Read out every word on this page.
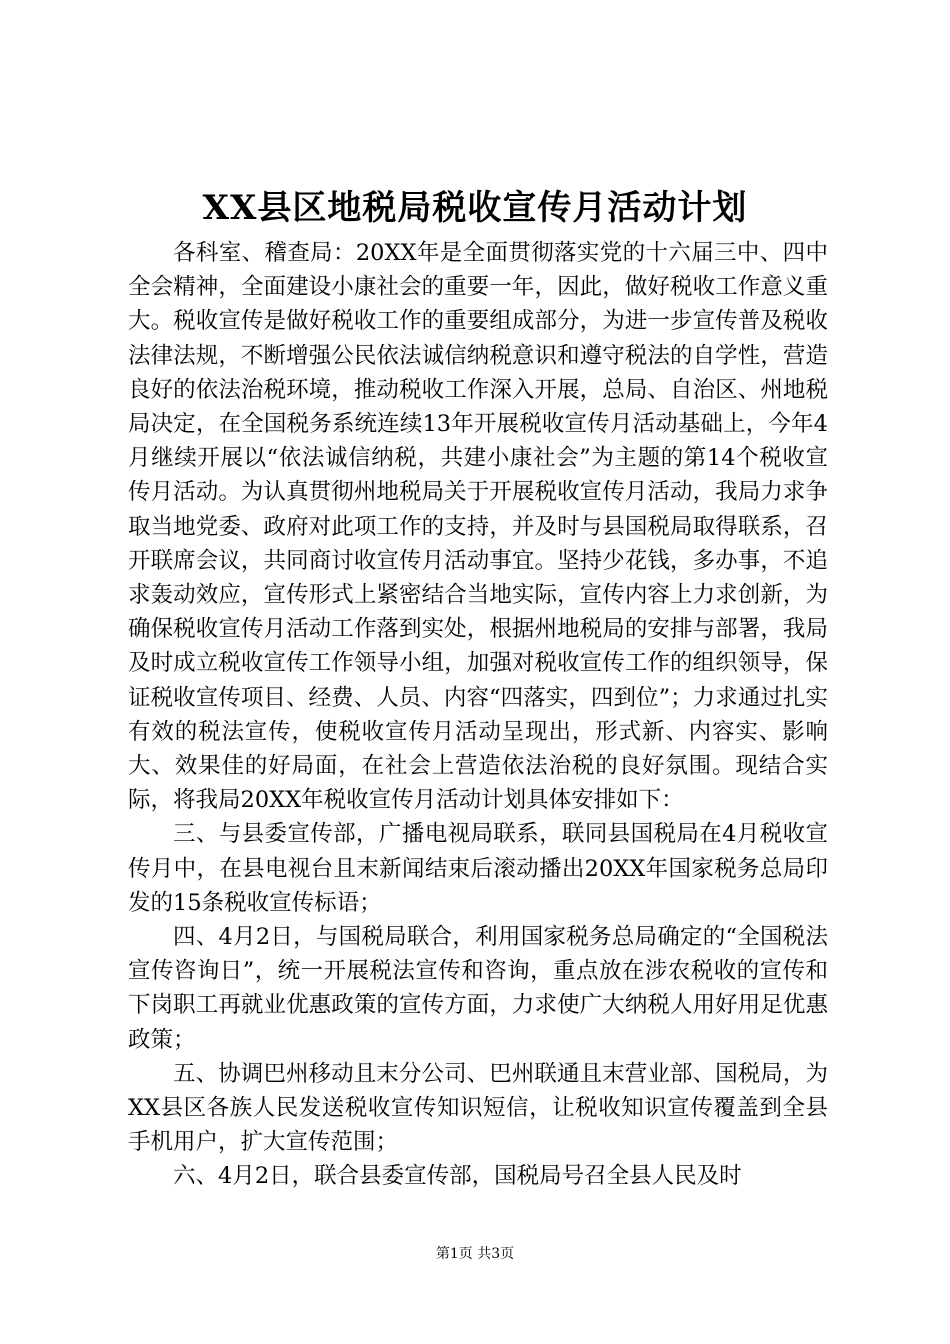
XX县区地税局税收宣传月活动计划

各科室、稽查局：20XX年是全面贯彻落实党的十六届三中、四中全会精神，全面建设小康社会的重要一年，因此，做好税收工作意义重大。税收宣传是做好税收工作的重要组成部分，为进一步宣传普及税收法律法规，不断增强公民依法诚信纳税意识和遵守税法的自学性，营造良好的依法治税环境，推动税收工作深入开展，总局、自治区、州地税局决定，在全国税务系统连续13年开展税收宣传月活动基础上，今年4月继续开展以“依法诚信纳税，共建小康社会”为主题的第14个税收宣传月活动。为认真贯彻州地税局关于开展税收宣传月活动，我局力求争取当地党委、政府对此项工作的支持，并及时与县国税局取得联系，召开联席会议，共同商讨收宣传月活动事宜。坚持少花钱，多办事，不追求轰动效应，宣传形式上紧密结合当地实际，宣传内容上力求创新，为确保税收宣传月活动工作落到实处，根据州地税局的安排与部署，我局及时成立税收宣传工作领导小组，加强对税收宣传工作的组织领导，保证税收宣传项目、经费、人员、内容“四落实，四到位”；力求通过扎实有效的税法宣传，使税收宣传月活动呈现出，形式新、内容实、影响大、效果佳的好局面，在社会上营造依法治税的良好氛围。现结合实际，将我局20XX年税收宣传月活动计划具体安排如下：

三、与县委宣传部，广播电视局联系，联同县国税局在4月税收宣传月中，在县电视台且末新闻结束后滚动播出20XX年国家税务总局印发的15条税收宣传标语；

四、4月2日，与国税局联合，利用国家税务总局确定的“全国税法宣传咨询日”，统一开展税法宣传和咨询，重点放在涉农税收的宣传和下岗职工再就业优惠政策的宣传方面，力求使广大纳税人用好用足优惠政策；

五、协调巴州移动且末分公司、巴州联通且末营业部、国税局，为XX县区各族人民发送税收宣传知识短信，让税收知识宣传覆盖到全县手机用户，扩大宣传范围；

六、4月2日，联合县委宣传部，国税局号召全县人民及时

第1页 共3页
